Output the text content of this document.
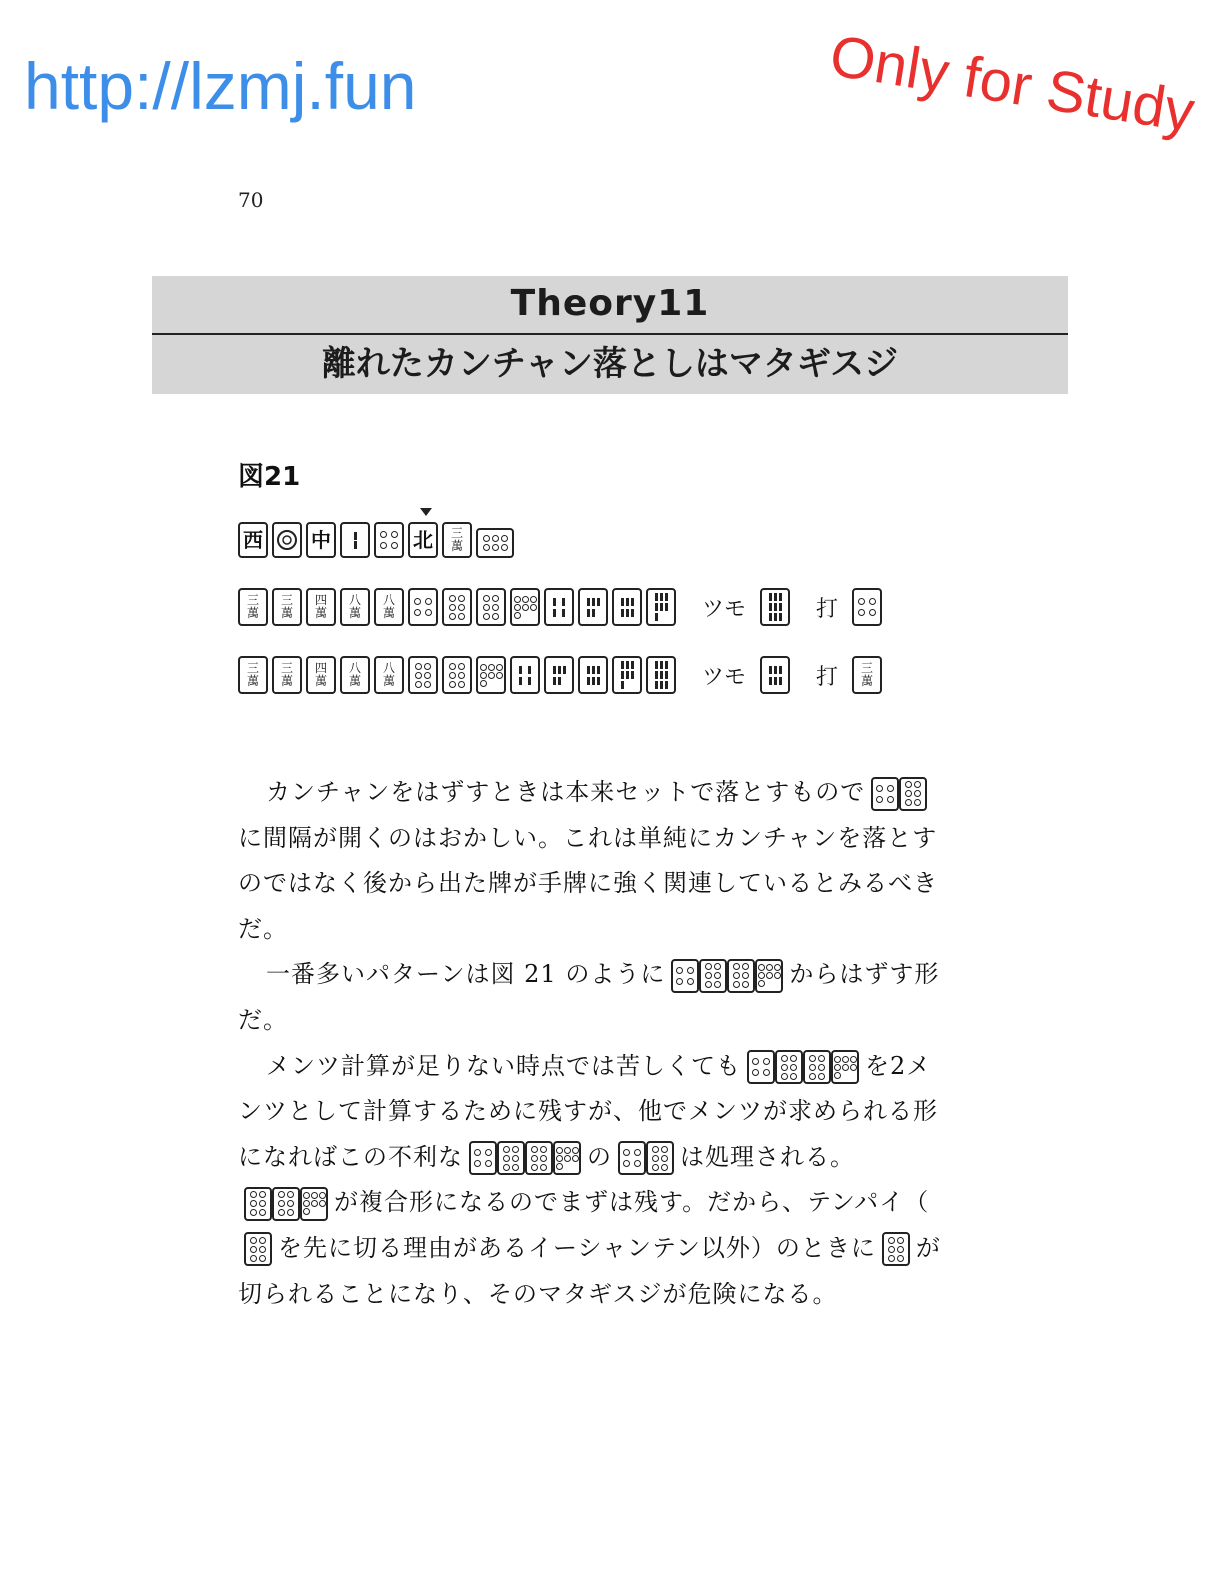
http://lzmj.fun	Only for Study
70
Theory11
離れたカンチャン落としはマタギスジ
図21
西 中	北 三
萬
三
萬
三
萬
四
萬
八
萬
八
萬	ツモ	打
三
萬
三
萬
四
萬
八
萬
八
萬	ツモ	打 三
萬

カンチャンをはずすときは本来セットで落とすもので
に間隔が開くのはおかしい。これは単純にカンチャンを落とすのではなく後から出た牌が手牌に強く関連しているとみるべきだ。

一番多いパターンは図 21 のように	からはずす形だ。

メンツ計算が足りない時点では苦しくても	を2メンツとして計算するために残すが、他でメンツが求められる形になればこの不利な	の	は処理される。
が複合形になるのでまずは残す。だから、テンパイ（
を先に切る理由があるイーシャンテン以外）のときに が切られることになり、そのマタギスジが危険になる。
